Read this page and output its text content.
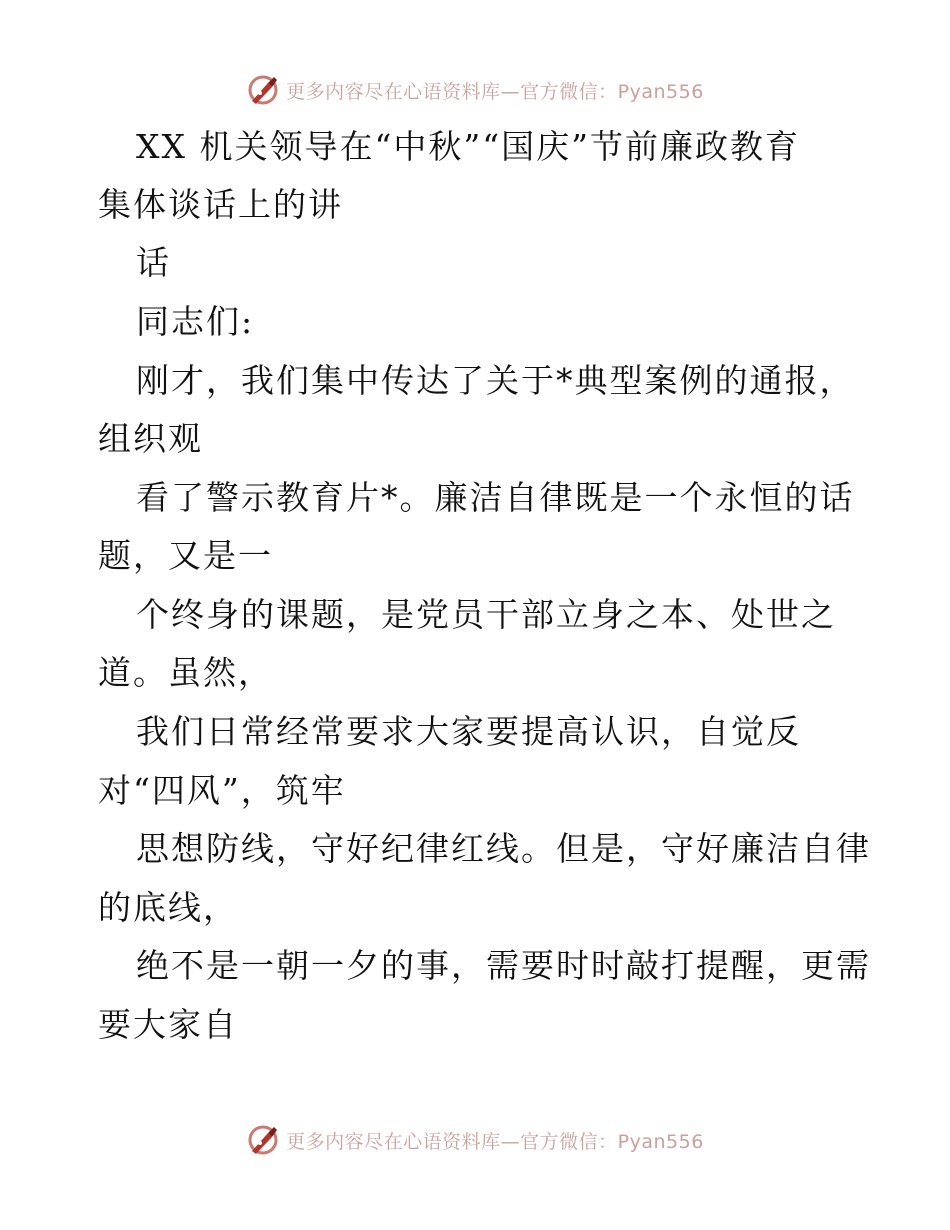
更多内容尽在心语资料库—官方微信：Pyan556
XX 机关领导在“中秋”“国庆”节前廉政教育
集体谈话上的讲
话
同志们:
刚才，我们集中传达了关于*典型案例的通报，
组织观
看了警示教育片*。廉洁自律既是一个永恒的话
题，又是一
个终身的课题，是党员干部立身之本、处世之
道。虽然，
我们日常经常要求大家要提高认识，自觉反
对“四风”，筑牢
思想防线，守好纪律红线。但是，守好廉洁自律
的底线，
绝不是一朝一夕的事，需要时时敲打提醒，更需
要大家自
更多内容尽在心语资料库—官方微信：Pyan556
